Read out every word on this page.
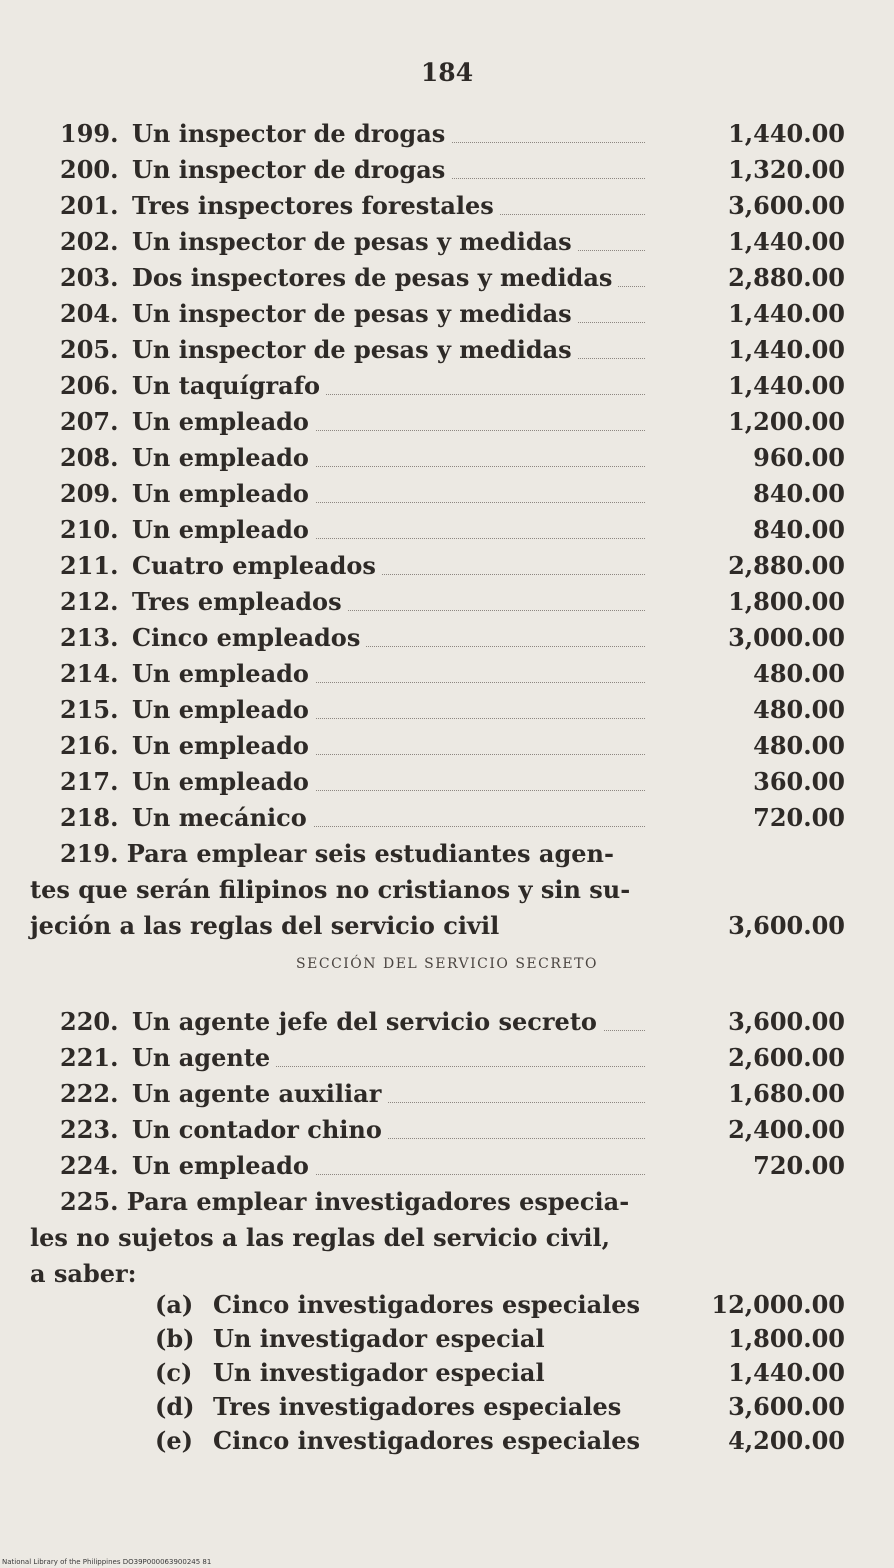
184
199. Un inspector de drogas	1,440.00
200. Un inspector de drogas	1,320.00
201. Tres inspectores forestales	3,600.00
202. Un inspector de pesas y medidas	1,440.00
203. Dos inspectores de pesas y medidas	2,880.00
204. Un inspector de pesas y medidas	1,440.00
205. Un inspector de pesas y medidas	1,440.00
206. Un taquígrafo	1,440.00
207. Un empleado	1,200.00
208. Un empleado	960.00
209. Un empleado	840.00
210. Un empleado	840.00
211. Cuatro empleados	2,880.00
212. Tres empleados	1,800.00
213. Cinco empleados	3,000.00
214. Un empleado	480.00
215. Un empleado	480.00
216. Un empleado	480.00
217. Un empleado	360.00
218. Un mecánico	720.00
219. Para emplear seis estudiantes agen-
tes que serán filipinos no cristianos y sin su-
jeción a las reglas del servicio civil	3,600.00
SECCIÓN DEL SERVICIO SECRETO
220. Un agente jefe del servicio secreto	3,600.00
221. Un agente	2,600.00
222. Un agente auxiliar	1,680.00
223. Un contador chino	2,400.00
224. Un empleado	720.00
225. Para emplear investigadores especia-
les no sujetos a las reglas del servicio civil,
a saber:
(a) Cinco investigadores especiales	12,000.00
(b) Un investigador especial	1,800.00
(c) Un investigador especial	1,440.00
(d) Tres investigadores especiales	3,600.00
(e) Cinco investigadores especiales	4,200.00
National Library of the Philippines DO39P000063900245 81
